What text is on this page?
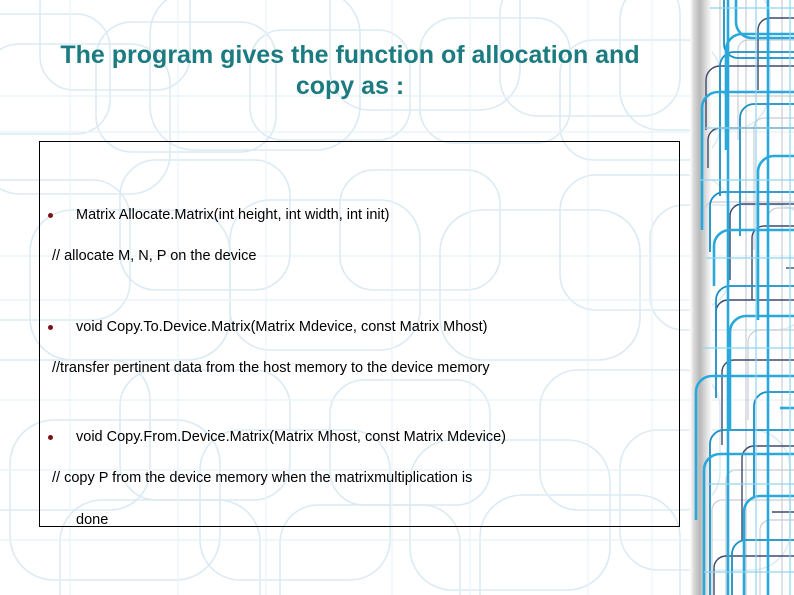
The program gives the function of allocation and
copy as :
Matrix Allocate.Matrix(int height, int width, int init)
// allocate M, N, P on the device
void Copy.To.Device.Matrix(Matrix Mdevice, const Matrix Mhost)
//transfer pertinent data from the host memory to the device memory
void Copy.From.Device.Matrix(Matrix Mhost, const Matrix Mdevice)
// copy P from the device memory when the matrixmultiplication is
done
